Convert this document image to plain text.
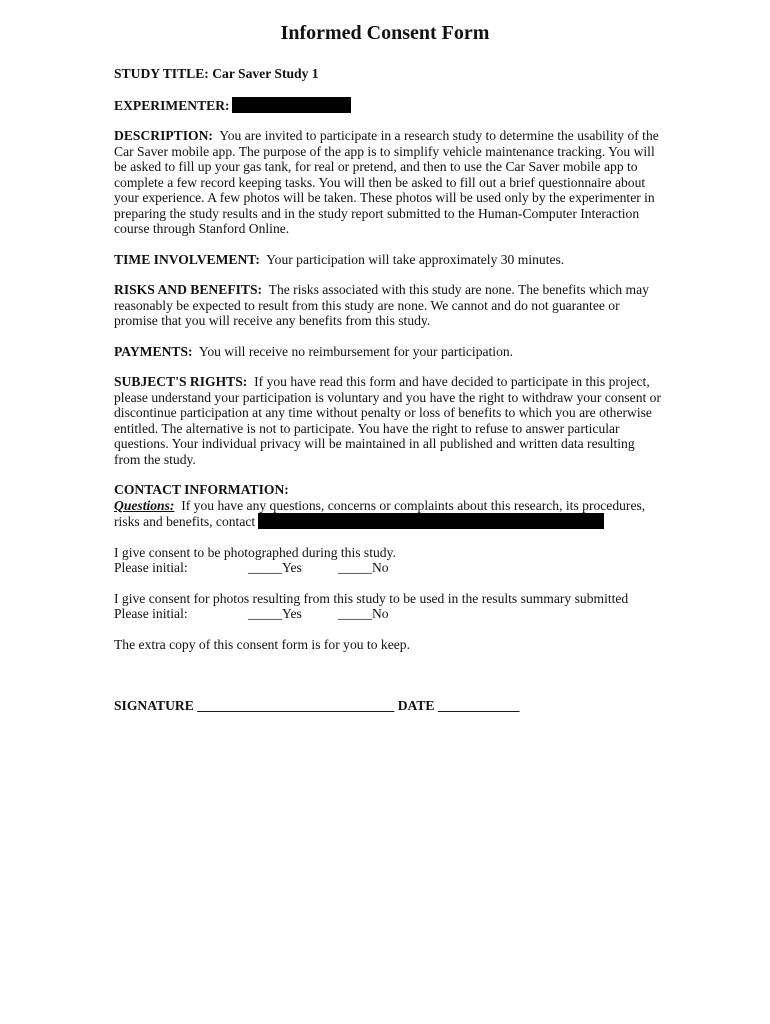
Informed Consent Form

STUDY TITLE: Car Saver Study 1

EXPERIMENTER:

DESCRIPTION: You are invited to participate in a research study to determine the usability of the Car Saver mobile app. The purpose of the app is to simplify vehicle maintenance tracking. You will be asked to fill up your gas tank, for real or pretend, and then to use the Car Saver mobile app to complete a few record keeping tasks. You will then be asked to fill out a brief questionnaire about your experience. A few photos will be taken. These photos will be used only by the experimenter in preparing the study results and in the study report submitted to the Human-Computer Interaction course through Stanford Online.

TIME INVOLVEMENT: Your participation will take approximately 30 minutes.

RISKS AND BENEFITS: The risks associated with this study are none. The benefits which may reasonably be expected to result from this study are none. We cannot and do not guarantee or promise that you will receive any benefits from this study.

PAYMENTS: You will receive no reimbursement for your participation.

SUBJECT'S RIGHTS: If you have read this form and have decided to participate in this project, please understand your participation is voluntary and you have the right to withdraw your consent or discontinue participation at any time without penalty or loss of benefits to which you are otherwise entitled. The alternative is not to participate. You have the right to refuse to answer particular questions. Your individual privacy will be maintained in all published and written data resulting from the study.

CONTACT INFORMATION:

Questions: If you have any questions, concerns or complaints about this research, its procedures, risks and benefits, contact

I give consent to be photographed during this study.

Please initial:	_____Yes	_____No

I give consent for photos resulting from this study to be used in the results summary submitted

Please initial:	_____Yes	_____No

The extra copy of this consent form is for you to keep.

SIGNATURE _____________________________ DATE ____________
